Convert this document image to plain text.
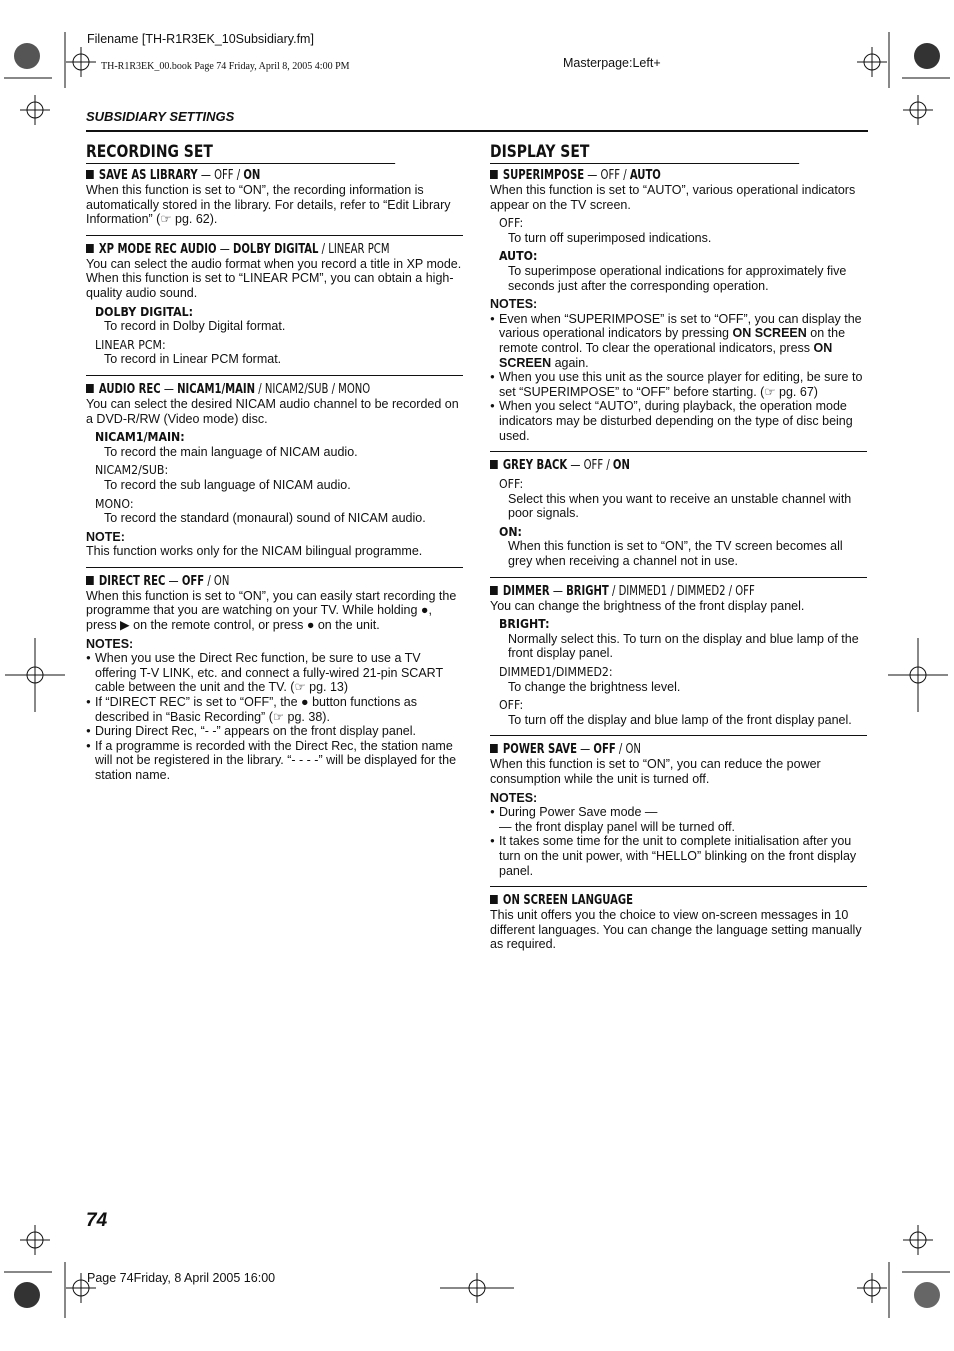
Filename [TH-R1R3EK_10Subsidiary.fm]
TH-R1R3EK_00.book Page 74 Friday, April 8, 2005 4:00 PM	Masterpage:Left+
SUBSIDIARY SETTINGS
RECORDING SET
SAVE AS LIBRARY — OFF / ON

When this function is set to “ON”, the recording information is automatically stored in the library. For details, refer to “Edit Library Information” (☞ pg. 62).

XP MODE REC AUDIO — DOLBY DIGITAL / LINEAR PCM

You can select the audio format when you record a title in XP mode. When this function is set to “LINEAR PCM”, you can obtain a high-quality audio sound.

DOLBY DIGITAL:
To record in Dolby Digital format.
LINEAR PCM:
To record in Linear PCM format.
AUDIO REC — NICAM1/MAIN / NICAM2/SUB / MONO

You can select the desired NICAM audio channel to be recorded on a DVD-R/RW (Video mode) disc.

NICAM1/MAIN:
To record the main language of NICAM audio.
NICAM2/SUB:
To record the sub language of NICAM audio.
MONO:
To record the standard (monaural) sound of NICAM audio.
NOTE:
This function works only for the NICAM bilingual programme.
DIRECT REC — OFF / ON

When this function is set to “ON”, you can easily start recording the programme that you are watching on your TV. While holding ●, press ▶ on the remote control, or press ● on the unit.

NOTES:
● When you use the Direct Rec function, be sure to use a TV offering T-V LINK, etc. and connect a fully-wired 21-pin SCART cable between the unit and the TV. (☞ pg. 13)
● If “DIRECT REC” is set to “OFF”, the ● button functions as described in “Basic Recording” (☞ pg. 38).
● During Direct Rec, “- -” appears on the front display panel.
● If a programme is recorded with the Direct Rec, the station name will not be registered in the library. “- - - -” will be displayed for the station name.
DISPLAY SET
SUPERIMPOSE — OFF / AUTO

When this function is set to “AUTO”, various operational indicators appear on the TV screen.

OFF:
To turn off superimposed indications.
AUTO:
To superimpose operational indications for approximately five seconds just after the corresponding operation.
NOTES:
● Even when “SUPERIMPOSE” is set to “OFF”, you can display the various operational indicators by pressing ON SCREEN on the remote control. To clear the operational indicators, press ON SCREEN again.
● When you use this unit as the source player for editing, be sure to set “SUPERIMPOSE” to “OFF” before starting. (☞ pg. 67)
● When you select “AUTO”, during playback, the operation mode indicators may be disturbed depending on the type of disc being used.
GREY BACK — OFF / ON
OFF:
Select this when you want to receive an unstable channel with poor signals.
ON:
When this function is set to “ON”, the TV screen becomes all grey when receiving a channel not in use.
DIMMER — BRIGHT / DIMMED1 / DIMMED2 / OFF

You can change the brightness of the front display panel.

BRIGHT:
Normally select this. To turn on the display and blue lamp of the front display panel.
DIMMED1/DIMMED2:
To change the brightness level.
OFF:
To turn off the display and blue lamp of the front display panel.
POWER SAVE — OFF / ON

When this function is set to “ON”, you can reduce the power consumption while the unit is turned off.

NOTES:
● During Power Save mode —
— the front display panel will be turned off.
● It takes some time for the unit to complete initialisation after you turn on the unit power, with “HELLO” blinking on the front display panel.
ON SCREEN LANGUAGE

This unit offers you the choice to view on-screen messages in 10 different languages. You can change the language setting manually as required.

74
Page 74Friday, 8 April 2005 16:00
